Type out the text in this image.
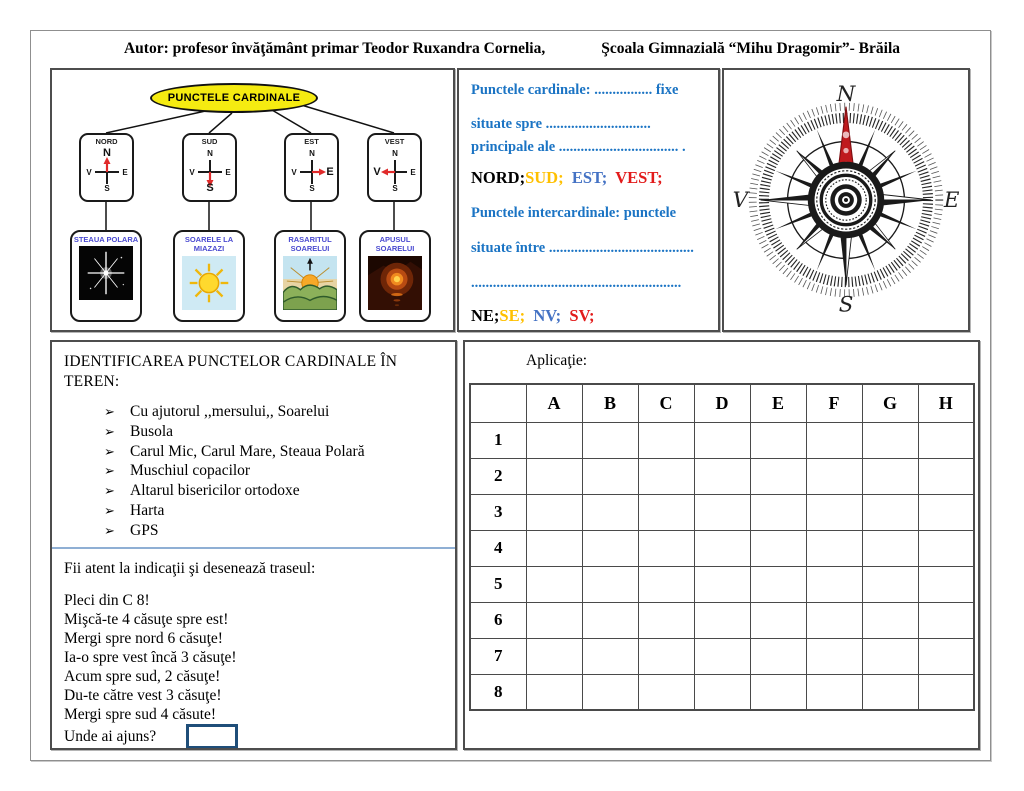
Autor: profesor învăţământ primar Teodor Ruxandra Cornelia,	Şcoala Gimnazială “Mihu Dragomir”- Brăila
PUNCTELE CARDINALE
NORD
N
S
V	E
SUD
N
S
V	E
EST
N
S
V	E
VEST
N
S
V	E
STEAUA POLARA	SOARELE LA MIAZAZI
RASARITUL SOARELUI
APUSUL SOARELUI
Punctele cardinale: ................ fixe
situate spre .............................
principale ale ................................. .
NORD;SUD;  EST;  VEST;
Punctele intercardinale: punctele
situate între ........................................
..........................................................
NE;SE;  NV;  SV;
N
S
V	E
IDENTIFICAREA PUNCTELOR CARDINALE ÎN
TEREN:
➢ Cu ajutorul ,,mersului,, Soarelui
➢ Busola
➢ Carul Mic, Carul Mare, Steaua Polară
➢ Muschiul copacilor
➢ Altarul bisericilor ortodoxe
➢ Harta
➢ GPS
Fii atent la indicaţii şi desenează traseul:
Pleci din C 8!
Mişcă-te 4 căsuţe spre est!
Mergi spre nord 6 căsuţe!
Ia-o spre vest încă 3 căsuţe!
Acum spre sud, 2 căsuţe!
Du-te către vest 3 căsuţe!
Mergi spre sud 4 căsute!
Unde ai ajuns?
Aplicaţie:
	A	B	C	D	E	F	G	H
1								
2								
3								
4								
5								
6								
7								
8								
